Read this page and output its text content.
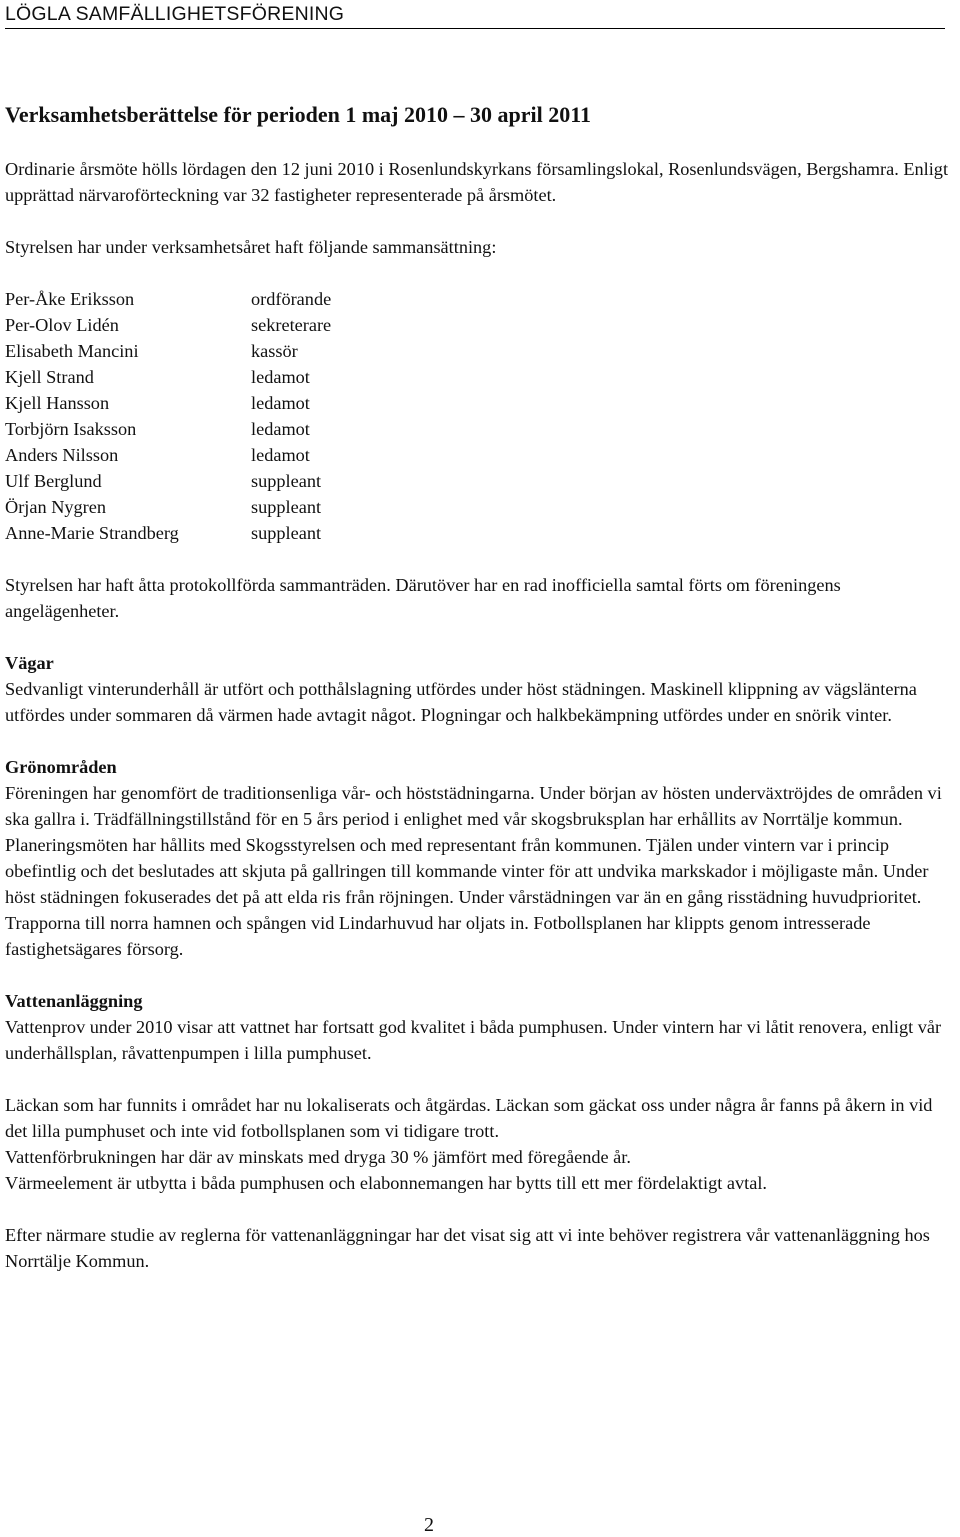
LÖGLA SAMFÄLLIGHETSFÖRENING
Verksamhetsberättelse för perioden 1 maj 2010 – 30 april 2011

Ordinarie årsmöte hölls lördagen den 12 juni 2010 i Rosenlundskyrkans församlingslokal, Rosenlundsvägen, Bergshamra. Enligt upprättad närvaroförteckning var 32 fastigheter representerade på årsmötet.

Styrelsen har under verksamhetsåret haft följande sammansättning:

Per-Åke Eriksson	ordförande
Per-Olov Lidén	sekreterare
Elisabeth Mancini	kassör
Kjell Strand	ledamot
Kjell Hansson	ledamot
Torbjörn Isaksson	ledamot
Anders Nilsson	ledamot
Ulf Berglund	suppleant
Örjan Nygren	suppleant
Anne-Marie Strandberg	suppleant

Styrelsen har haft åtta protokollförda sammanträden. Därutöver har en rad inofficiella samtal förts om föreningens angelägenheter.

Vägar

Sedvanligt vinterunderhåll är utfört och potthålslagning utfördes under höst städningen. Maskinell klippning av vägslänterna utfördes under sommaren då värmen hade avtagit något. Plogningar och halkbekämpning utfördes under en snörik vinter.

Grönområden

Föreningen har genomfört de traditionsenliga vår- och höststädningarna. Under början av hösten underväxtröjdes de områden vi ska gallra i. Trädfällningstillstånd för en 5 års period i enlighet med vår skogsbruksplan har erhållits av Norrtälje kommun. Planeringsmöten har hållits med Skogsstyrelsen och med representant från kommunen. Tjälen under vintern var i princip obefintlig och det beslutades att skjuta på gallringen till kommande vinter för att undvika markskador i möjligaste mån. Under höst städningen fokuserades det på att elda ris från röjningen. Under vårstädningen var än en gång risstädning huvudprioritet.

Trapporna till norra hamnen och spången vid Lindarhuvud har oljats in. Fotbollsplanen har klippts genom intresserade fastighetsägares försorg.

Vattenanläggning

Vattenprov under 2010 visar att vattnet har fortsatt god kvalitet i båda pumphusen. Under vintern har vi låtit renovera, enligt vår underhållsplan, råvattenpumpen i lilla pumphuset.

Läckan som har funnits i området har nu lokaliserats och åtgärdas. Läckan som gäckat oss under några år fanns på åkern in vid det lilla pumphuset och inte vid fotbollsplanen som vi tidigare trott.

Vattenförbrukningen har där av minskats med dryga 30 % jämfört med föregående år.

Värmeelement är utbytta i båda pumphusen och elabonnemangen har bytts till ett mer fördelaktigt avtal.

Efter närmare studie av reglerna för vattenanläggningar har det visat sig att vi inte behöver registrera vår vattenanläggning hos Norrtälje Kommun.

2
